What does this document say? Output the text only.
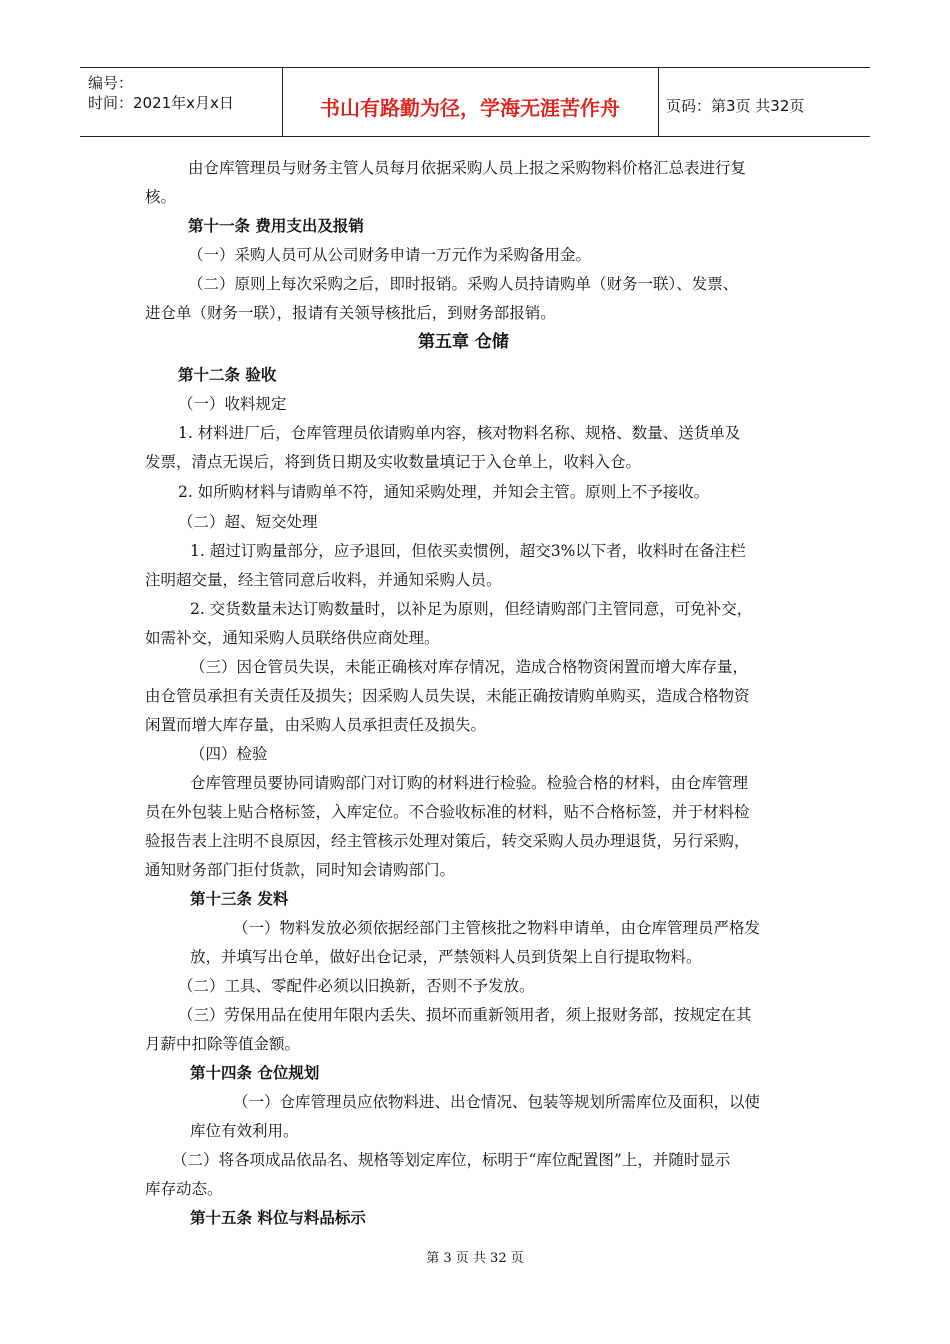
编号：
时间：2021年x月x日	书山有路勤为径，学海无涯苦作舟	页码：第3页 共32页
由仓库管理员与财务主管人员每月依据采购人员上报之采购物料价格汇总表进行复
核。
第十一条 费用支出及报销
（一）采购人员可从公司财务申请一万元作为采购备用金。
（二）原则上每次采购之后，即时报销。采购人员持请购单（财务一联）、发票、
进仓单（财务一联），报请有关领导核批后，到财务部报销。
第五章 仓储
第十二条 验收
（一）收料规定
1. 材料进厂后，仓库管理员依请购单内容，核对物料名称、规格、数量、送货单及
发票，清点无误后，将到货日期及实收数量填记于入仓单上，收料入仓。
2. 如所购材料与请购单不符，通知采购处理，并知会主管。原则上不予接收。
（二）超、短交处理
1. 超过订购量部分，应予退回，但依买卖惯例，超交3%以下者，收料时在备注栏
注明超交量，经主管同意后收料，并通知采购人员。
2. 交货数量未达订购数量时，以补足为原则，但经请购部门主管同意，可免补交，
如需补交，通知采购人员联络供应商处理。
（三）因仓管员失误，未能正确核对库存情况，造成合格物资闲置而增大库存量，
由仓管员承担有关责任及损失；因采购人员失误，未能正确按请购单购买，造成合格物资
闲置而增大库存量，由采购人员承担责任及损失。
（四）检验
仓库管理员要协同请购部门对订购的材料进行检验。检验合格的材料，由仓库管理
员在外包装上贴合格标签，入库定位。不合验收标准的材料，贴不合格标签，并于材料检
验报告表上注明不良原因，经主管核示处理对策后，转交采购人员办理退货，另行采购，
通知财务部门拒付货款，同时知会请购部门。
第十三条 发料
（一）物料发放必须依据经部门主管核批之物料申请单，由仓库管理员严格发
放，并填写出仓单，做好出仓记录，严禁领料人员到货架上自行提取物料。
（二）工具、零配件必须以旧换新，否则不予发放。
（三）劳保用品在使用年限内丢失、损坏而重新领用者，须上报财务部，按规定在其
月薪中扣除等值金额。
第十四条 仓位规划
（一）仓库管理员应依物料进、出仓情况、包装等规划所需库位及面积，以使
库位有效利用。
（二）将各项成品依品名、规格等划定库位，标明于“库位配置图”上，并随时显示
库存动态。
第十五条 料位与料品标示
第 3 页 共 32 页
